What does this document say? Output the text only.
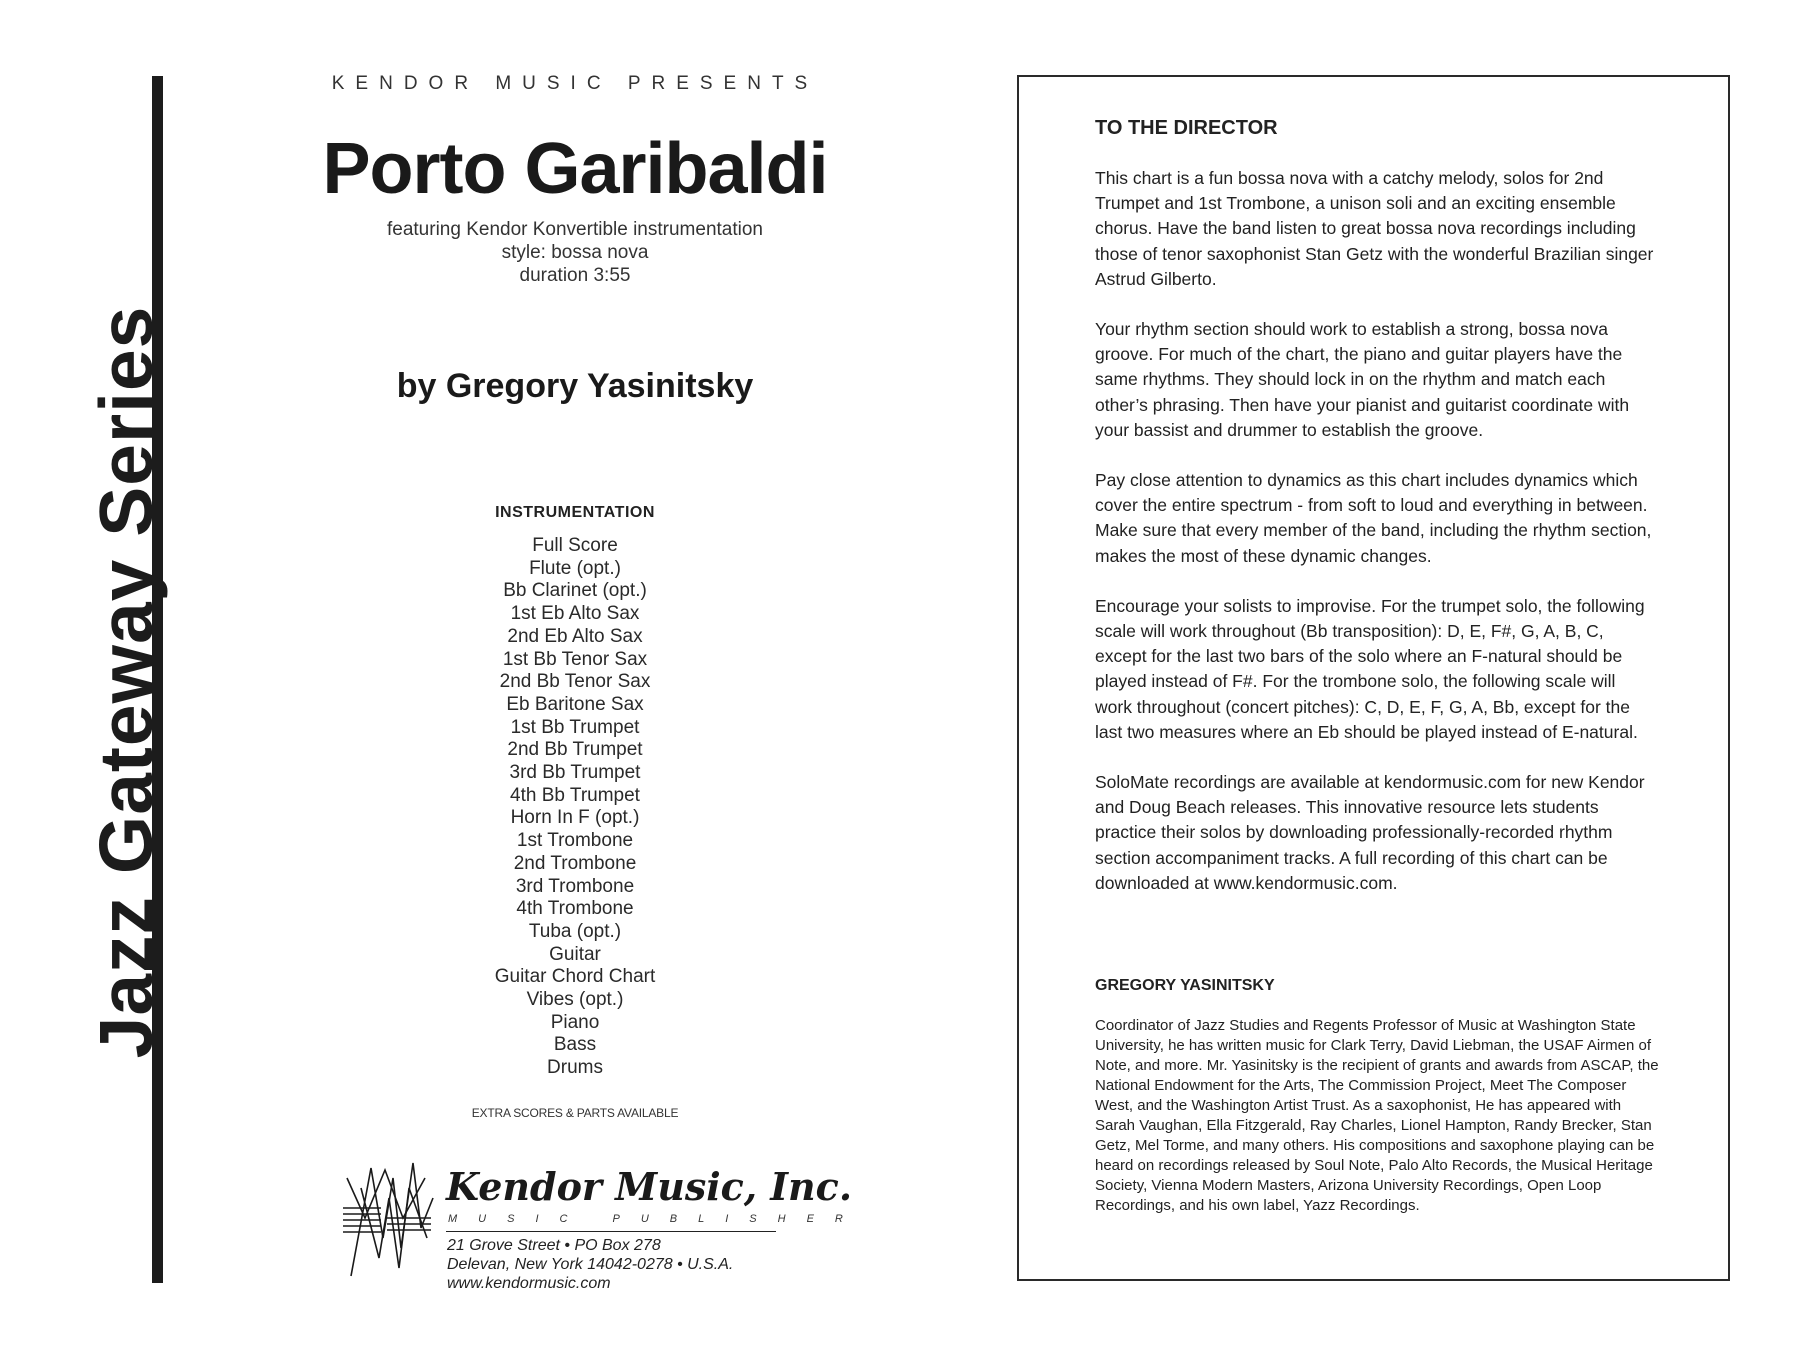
Jazz Gateway Series
KENDOR MUSIC PRESENTS
Porto Garibaldi
featuring Kendor Konvertible instrumentation
style: bossa nova
duration 3:55
by Gregory Yasinitsky
INSTRUMENTATION
Full Score
Flute (opt.)
Bb Clarinet (opt.)
1st Eb Alto Sax
2nd Eb Alto Sax
1st Bb Tenor Sax
2nd Bb Tenor Sax
Eb Baritone Sax
1st Bb Trumpet
2nd Bb Trumpet
3rd Bb Trumpet
4th Bb Trumpet
Horn In F (opt.)
1st Trombone
2nd Trombone
3rd Trombone
4th Trombone
Tuba (opt.)
Guitar
Guitar Chord Chart
Vibes (opt.)
Piano
Bass
Drums
EXTRA SCORES & PARTS AVAILABLE
Kendor Music, Inc.
MUSIC PUBLISHER
21 Grove Street • PO Box 278
Delevan, New York 14042-0278 • U.S.A.
www.kendormusic.com
TO THE DIRECTOR

This chart is a fun bossa nova with a catchy melody, solos for 2nd Trumpet and 1st Trombone, a unison soli and an exciting ensemble chorus. Have the band listen to great bossa nova recordings including those of tenor saxophonist Stan Getz with the wonderful Brazilian singer Astrud Gilberto.

Your rhythm section should work to establish a strong, bossa nova groove. For much of the chart, the piano and guitar players have the same rhythms. They should lock in on the rhythm and match each other’s phrasing. Then have your pianist and guitarist coordinate with your bassist and drummer to establish the groove.

Pay close attention to dynamics as this chart includes dynamics which cover the entire spectrum - from soft to loud and everything in between. Make sure that every member of the band, including the rhythm section, makes the most of these dynamic changes.

Encourage your solists to improvise. For the trumpet solo, the following scale will work throughout (Bb transposition): D, E, F#, G, A, B, C, except for the last two bars of the solo where an F-natural should be played instead of F#. For the trombone solo, the following scale will work throughout (concert pitches): C, D, E, F, G, A, Bb, except for the last two measures where an Eb should be played instead of E-natural.

SoloMate recordings are available at kendormusic.com for new Kendor and Doug Beach releases. This innovative resource lets students practice their solos by downloading professionally-recorded rhythm section accompaniment tracks. A full recording of this chart can be downloaded at www.kendormusic.com.

GREGORY YASINITSKY

Coordinator of Jazz Studies and Regents Professor of Music at Washington State University, he has written music for Clark Terry, David Liebman, the USAF Airmen of Note, and more. Mr. Yasinitsky is the recipient of grants and awards from ASCAP, the National Endowment for the Arts, The Commission Project, Meet The Composer West, and the Washington Artist Trust. As a saxophonist, He has appeared with Sarah Vaughan, Ella Fitzgerald, Ray Charles, Lionel Hampton, Randy Brecker, Stan Getz, Mel Torme, and many others. His compositions and saxophone playing can be heard on recordings released by Soul Note, Palo Alto Records, the Musical Heritage Society, Vienna Modern Masters, Arizona University Recordings, Open Loop Recordings, and his own label, Yazz Recordings.
